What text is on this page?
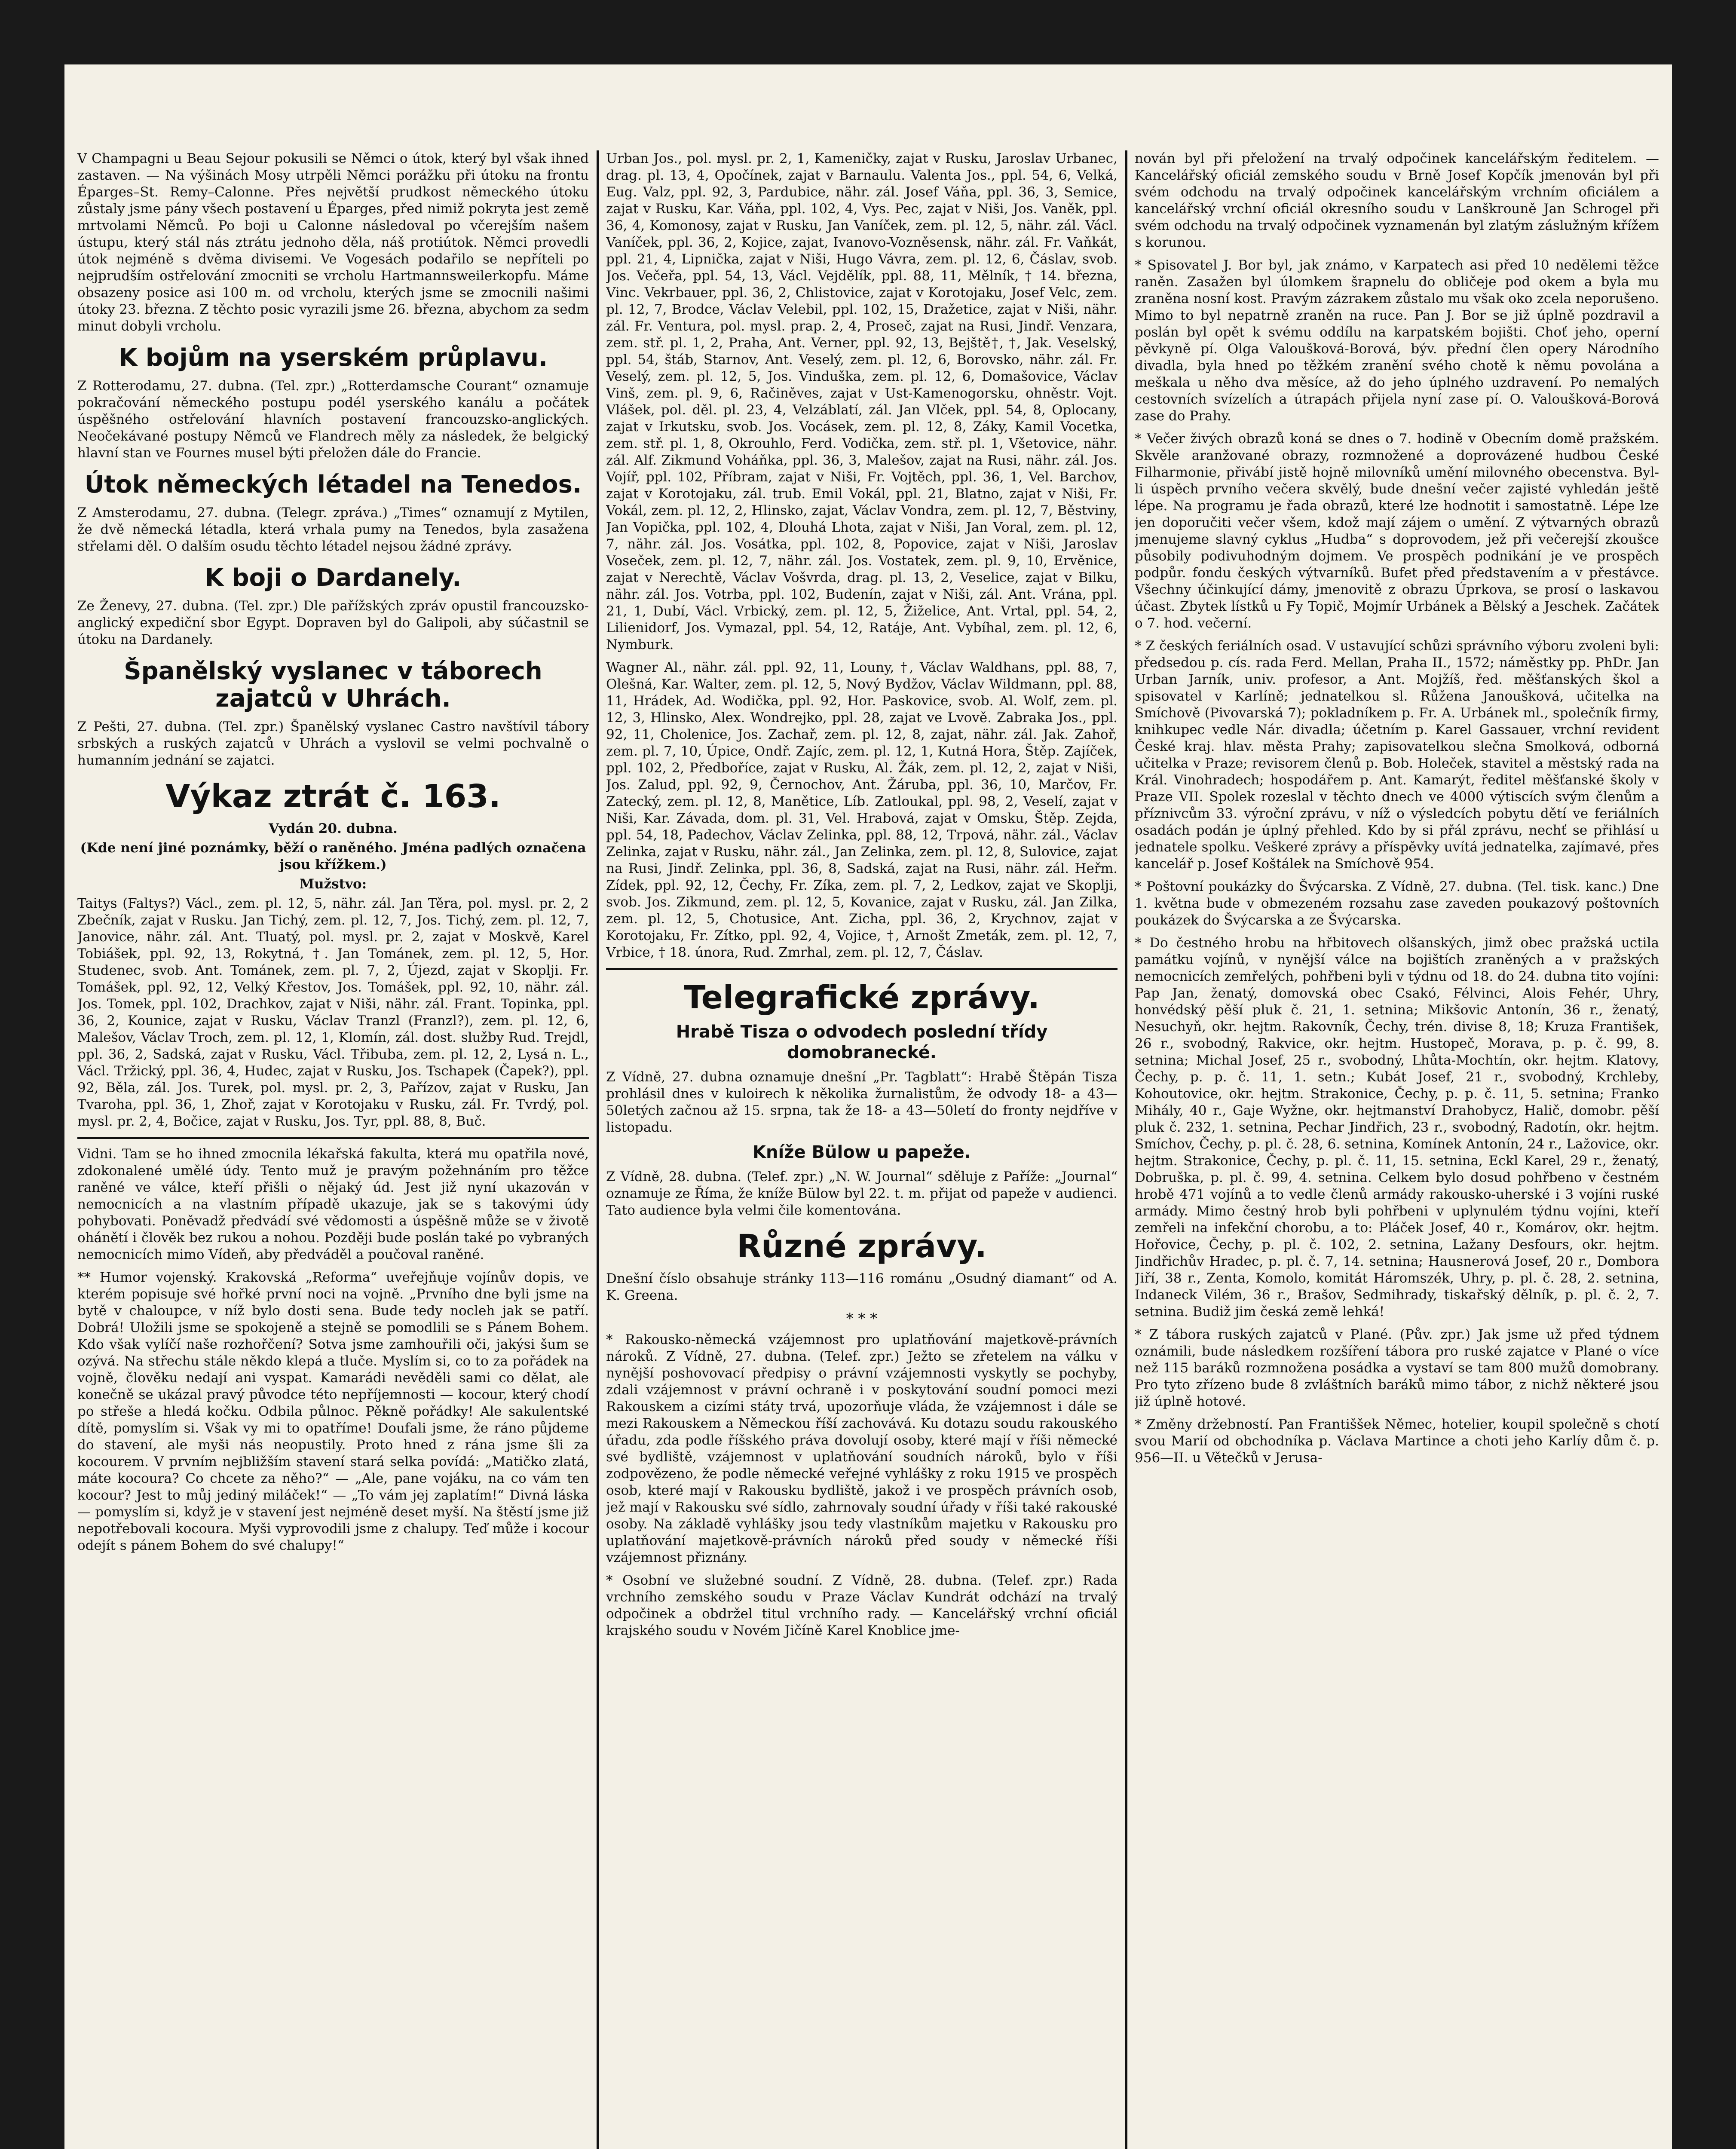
V Champagni u Beau Sejour pokusili se Němci o útok, který byl však ihned zastaven. — Na výšinách Mosy utrpěli Němci porážku při útoku na frontu Éparges–St. Remy–Calonne. Přes největší prudkost německého útoku zůstaly jsme pány všech postavení u Éparges, před nimiž pokryta jest země mrtvolami Němců. Po boji u Calonne následoval po včerejším našem ústupu, který stál nás ztrátu jednoho děla, náš protiútok. Němci provedli útok nejméně s dvěma divisemi. Ve Vogesách podařilo se nepříteli po nejprudším ostřelování zmocniti se vrcholu Hartmannsweilerkopfu. Máme obsazeny posice asi 100 m. od vrcholu, kterých jsme se zmocnili našimi útoky 23. března. Z těchto posic vyrazili jsme 26. března, abychom za sedm minut dobyli vrcholu.

K bojům na yserském průplavu.

Z Rotterodamu, 27. dubna. (Tel. zpr.) „Rotterdamsche Courant“ oznamuje pokračování německého postupu podél yserského kanálu a počátek úspěšného ostřelování hlavních postavení francouzsko-anglických. Neočekávané postupy Němců ve Flandrech měly za následek, že belgický hlavní stan ve Fournes musel býti přeložen dále do Francie.

Útok německých létadel na Tenedos.

Z Amsterodamu, 27. dubna. (Telegr. zpráva.) „Times“ oznamují z Mytilen, že dvě německá létadla, která vrhala pumy na Tenedos, byla zasažena střelami děl. O dalším osudu těchto létadel nejsou žádné zprávy.

K boji o Dardanely.

Ze Ženevy, 27. dubna. (Tel. zpr.) Dle pařížských zpráv opustil francouzsko-anglický expediční sbor Egypt. Dopraven byl do Galipoli, aby súčastnil se útoku na Dardanely.

Španělský vyslanec v táborech zajatců v Uhrách.

Z Pešti, 27. dubna. (Tel. zpr.) Španělský vyslanec Castro navštívil tábory srbských a ruských zajatců v Uhrách a vyslovil se velmi pochvalně o humanním jednání se zajatci.

Výkaz ztrát č. 163.
Vydán 20. dubna.
(Kde není jiné poznámky, běží o raněného. Jména padlých označena jsou křížkem.)
Mužstvo:

Taitys (Faltys?) Václ., zem. pl. 12, 5, nähr. zál. Jan Těra, pol. mysl. pr. 2, 2 Zbečník, zajat v Rusku. Jan Tichý, zem. pl. 12, 7, Jos. Tichý, zem. pl. 12, 7, Janovice, nähr. zál. Ant. Tluatý, pol. mysl. pr. 2, zajat v Moskvě, Karel Tobiášek, ppl. 92, 13, Rokytná, †. Jan Tománek, zem. pl. 12, 5, Hor. Studenec, svob. Ant. Tománek, zem. pl. 7, 2, Újezd, zajat v Skoplji. Fr. Tomášek, ppl. 92, 12, Velký Křestov, Jos. Tomášek, ppl. 92, 10, nähr. zál. Jos. Tomek, ppl. 102, Drachkov, zajat v Niši, nähr. zál. Frant. Topinka, ppl. 36, 2, Kounice, zajat v Rusku, Václav Tranzl (Franzl?), zem. pl. 12, 6, Malešov, Václav Troch, zem. pl. 12, 1, Klomín, zál. dost. služby Rud. Trejdl, ppl. 36, 2, Sadská, zajat v Rusku, Václ. Třibuba, zem. pl. 12, 2, Lysá n. L., Václ. Tržický, ppl. 36, 4, Hudec, zajat v Rusku, Jos. Tschapek (Čapek?), ppl. 92, Běla, zál. Jos. Turek, pol. mysl. pr. 2, 3, Pařízov, zajat v Rusku, Jan Tvaroha, ppl. 36, 1, Zhoř, zajat v Korotojaku v Rusku, zál. Fr. Tvrdý, pol. mysl. pr. 2, 4, Bočice, zajat v Rusku, Jos. Tyr, ppl. 88, 8, Buč.

Vidni. Tam se ho ihned zmocnila lékařská fakulta, která mu opatřila nové, zdokonalené umělé údy. Tento muž je pravým požehnáním pro těžce raněné ve válce, kteří přišli o nějaký úd. Jest již nyní ukazován v nemocnicích a na vlastním případě ukazuje, jak se s takovými údy pohybovati. Poněvadž předvádí své vědomosti a úspěšně může se v životě ohánětí i člověk bez rukou a nohou. Později bude poslán také po vybraných nemocnicích mimo Vídeň, aby předváděl a poučoval raněné.

** Humor vojenský. Krakovská „Reforma“ uveřejňuje vojínův dopis, ve kterém popisuje své hořké první noci na vojně. „Prvního dne byli jsme na bytě v chaloupce, v níž bylo dosti sena. Bude tedy nocleh jak se patří. Dobrá! Uložili jsme se spokojeně a stejně se pomodlili se s Pánem Bohem. Kdo však vylíčí naše rozhořčení? Sotva jsme zamhouřili oči, jakýsi šum se ozývá. Na střechu stále někdo klepá a tluče. Myslím si, co to za pořádek na vojně, člověku nedají ani vyspat. Kamarádi nevěděli sami co dělat, ale konečně se ukázal pravý původce této nepříjemnosti — kocour, který chodí po střeše a hledá kočku. Odbila půlnoc. Pěkně pořádky! Ale sakulentské dítě, pomyslím si. Však vy mi to opatříme! Doufali jsme, že ráno půjdeme do stavení, ale myši nás neopustily. Proto hned z rána jsme šli za kocourem. V prvním nejbližším stavení stará selka povídá: „Matičko zlatá, máte kocoura? Co chcete za něho?“ — „Ale, pane vojáku, na co vám ten kocour? Jest to můj jediný miláček!“ — „To vám jej zaplatím!“ Divná láska — pomyslím si, když je v stavení jest nejméně deset myší. Na štěstí jsme již nepotřebovali kocoura. Myši vyprovodili jsme z chalupy. Teď může i kocour odejít s pánem Bohem do své chalupy!“

Urban Jos., pol. mysl. pr. 2, 1, Kameničky, zajat v Rusku, Jaroslav Urbanec, drag. pl. 13, 4, Opočínek, zajat v Barnaulu. Valenta Jos., ppl. 54, 6, Velká, Eug. Valz, ppl. 92, 3, Pardubice, nähr. zál. Josef Váňa, ppl. 36, 3, Semice, zajat v Rusku, Kar. Váňa, ppl. 102, 4, Vys. Pec, zajat v Niši, Jos. Vaněk, ppl. 36, 4, Komonosy, zajat v Rusku, Jan Vaníček, zem. pl. 12, 5, nähr. zál. Václ. Vaníček, ppl. 36, 2, Kojice, zajat, Ivanovo-Vozněsensk, nähr. zál. Fr. Vaňkát, ppl. 21, 4, Lipnička, zajat v Niši, Hugo Vávra, zem. pl. 12, 6, Čáslav, svob. Jos. Večeřa, ppl. 54, 13, Václ. Vejdělík, ppl. 88, 11, Mělník, † 14. března, Vinc. Vekrbauer, ppl. 36, 2, Chlistovice, zajat v Korotojaku, Josef Velc, zem. pl. 12, 7, Brodce, Václav Velebil, ppl. 102, 15, Dražetice, zajat v Niši, nähr. zál. Fr. Ventura, pol. mysl. prap. 2, 4, Proseč, zajat na Rusi, Jindř. Venzara, zem. stř. pl. 1, 2, Praha, Ant. Verner, ppl. 92, 13, Bejště†, †, Jak. Veselský, ppl. 54, štáb, Starnov, Ant. Veselý, zem. pl. 12, 6, Borovsko, nähr. zál. Fr. Veselý, zem. pl. 12, 5, Jos. Vinduška, zem. pl. 12, 6, Domašovice, Václav Vinš, zem. pl. 9, 6, Račiněves, zajat v Ust-Kamenogorsku, ohněstr. Vojt. Vlášek, pol. děl. pl. 23, 4, Velzáblatí, zál. Jan Vlček, ppl. 54, 8, Oplocany, zajat v Irkutsku, svob. Jos. Vocásek, zem. pl. 12, 8, Záky, Kamil Vocetka, zem. stř. pl. 1, 8, Okrouhlo, Ferd. Vodička, zem. stř. pl. 1, Všetovice, nähr. zál. Alf. Zikmund Voháňka, ppl. 36, 3, Malešov, zajat na Rusi, nähr. zál. Jos. Vojíř, ppl. 102, Příbram, zajat v Niši, Fr. Vojtěch, ppl. 36, 1, Vel. Barchov, zajat v Korotojaku, zál. trub. Emil Vokál, ppl. 21, Blatno, zajat v Niši, Fr. Vokál, zem. pl. 12, 2, Hlinsko, zajat, Václav Vondra, zem. pl. 12, 7, Běstviny, Jan Vopička, ppl. 102, 4, Dlouhá Lhota, zajat v Niši, Jan Voral, zem. pl. 12, 7, nähr. zál. Jos. Vosátka, ppl. 102, 8, Popovice, zajat v Niši, Jaroslav Voseček, zem. pl. 12, 7, nähr. zál. Jos. Vostatek, zem. pl. 9, 10, Ervěnice, zajat v Nerechtě, Václav Vošvrda, drag. pl. 13, 2, Veselice, zajat v Bilku, nähr. zál. Jos. Votrba, ppl. 102, Budenín, zajat v Niši, zál. Ant. Vrána, ppl. 21, 1, Dubí, Václ. Vrbický, zem. pl. 12, 5, Žiželice, Ant. Vrtal, ppl. 54, 2, Lilienidorf, Jos. Vymazal, ppl. 54, 12, Ratáje, Ant. Vybíhal, zem. pl. 12, 6, Nymburk.

Wagner Al., nähr. zál. ppl. 92, 11, Louny, †, Václav Waldhans, ppl. 88, 7, Olešná, Kar. Walter, zem. pl. 12, 5, Nový Bydžov, Václav Wildmann, ppl. 88, 11, Hrádek, Ad. Wodička, ppl. 92, Hor. Paskovice, svob. Al. Wolf, zem. pl. 12, 3, Hlinsko, Alex. Wondrejko, ppl. 28, zajat ve Lvově. Zabraka Jos., ppl. 92, 11, Cholenice, Jos. Zachař, zem. pl. 12, 8, zajat, nähr. zál. Jak. Zahoř, zem. pl. 7, 10, Úpice, Ondř. Zajíc, zem. pl. 12, 1, Kutná Hora, Štěp. Zajíček, ppl. 102, 2, Předboříce, zajat v Rusku, Al. Žák, zem. pl. 12, 2, zajat v Niši, Jos. Zalud, ppl. 92, 9, Černochov, Ant. Žáruba, ppl. 36, 10, Marčov, Fr. Zatecký, zem. pl. 12, 8, Manětice, Líb. Zatloukal, ppl. 98, 2, Veselí, zajat v Niši, Kar. Závada, dom. pl. 31, Vel. Hrabová, zajat v Omsku, Štěp. Zejda, ppl. 54, 18, Padechov, Václav Zelinka, ppl. 88, 12, Trpová, nähr. zál., Václav Zelinka, zajat v Rusku, nähr. zál., Jan Zelinka, zem. pl. 12, 8, Sulovice, zajat na Rusi, Jindř. Zelinka, ppl. 36, 8, Sadská, zajat na Rusi, nähr. zál. Heřm. Zídek, ppl. 92, 12, Čechy, Fr. Zíka, zem. pl. 7, 2, Ledkov, zajat ve Skoplji, svob. Jos. Zikmund, zem. pl. 12, 5, Kovanice, zajat v Rusku, zál. Jan Zilka, zem. pl. 12, 5, Chotusice, Ant. Zicha, ppl. 36, 2, Krychnov, zajat v Korotojaku, Fr. Zítko, ppl. 92, 4, Vojice, †, Arnošt Zmeták, zem. pl. 12, 7, Vrbice, † 18. února, Rud. Zmrhal, zem. pl. 12, 7, Čáslav.

Telegrafické zprávy.
Hrabě Tisza o odvodech poslední třídy domobranecké.

Z Vídně, 27. dubna oznamuje dnešní „Pr. Tagblatt“: Hrabě Štěpán Tisza prohlásil dnes v kuloirech k několika žurnalistům, že odvody 18- a 43—50letých začnou až 15. srpna, tak že 18- a 43—50letí do fronty nejdříve v listopadu.

Kníže Bülow u papeže.

Z Vídně, 28. dubna. (Telef. zpr.) „N. W. Journal“ sděluje z Paříže: „Journal“ oznamuje ze Říma, že kníže Bülow byl 22. t. m. přijat od papeže v audienci. Tato audience byla velmi čile komentována.

Různé zprávy.

Dnešní číslo obsahuje stránky 113—116 románu „Osudný diamant“ od A. K. Greena.

* * *

* Rakousko-německá vzájemnost pro uplatňování majetkově-právních nároků. Z Vídně, 27. dubna. (Telef. zpr.) Ježto se zřetelem na válku v nynější poshovovací předpisy o právní vzájemnosti vyskytly se pochyby, zdali vzájemnost v právní ochraně i v poskytování soudní pomoci mezi Rakouskem a cizími státy trvá, upozorňuje vláda, že vzájemnost i dále se mezi Rakouskem a Německou říší zachovává. Ku dotazu soudu rakouského úřadu, zda podle říšského práva dovolují osoby, které mají v říši německé své bydliště, vzájemnost v uplatňování soudních nároků, bylo v říši zodpovězeno, že podle německé veřejné vyhlášky z roku 1915 ve prospěch osob, které mají v Rakousku bydliště, jakož i ve prospěch právních osob, jež mají v Rakousku své sídlo, zahrnovaly soudní úřady v říši také rakouské osoby. Na základě vyhlášky jsou tedy vlastníkům majetku v Rakousku pro uplatňování majetkově-právních nároků před soudy v německé říši vzájemnost přiznány.

* Osobní ve služebné soudní. Z Vídně, 28. dubna. (Telef. zpr.) Rada vrchního zemského soudu v Praze Václav Kundrát odchází na trvalý odpočinek a obdržel titul vrchního rady. — Kancelářský vrchní oficiál krajského soudu v Novém Jičíně Karel Knoblice jme-

nován byl při přeložení na trvalý odpočinek kancelářským ředitelem. — Kancelářský oficiál zemského soudu v Brně Josef Kopčík jmenován byl při svém odchodu na trvalý odpočinek kancelářským vrchním oficiálem a kancelářský vrchní oficiál okresního soudu v Lanškrouně Jan Schrogel při svém odchodu na trvalý odpočinek vyznamenán byl zlatým záslužným křížem s korunou.

* Spisovatel J. Bor byl, jak známo, v Karpatech asi před 10 nedělemi těžce raněn. Zasažen byl úlomkem šrapnelu do obličeje pod okem a byla mu zraněna nosní kost. Pravým zázrakem zůstalo mu však oko zcela neporušeno. Mimo to byl nepatrně zraněn na ruce. Pan J. Bor se již úplně pozdravil a poslán byl opět k svému oddílu na karpatském bojišti. Choť jeho, operní pěvkyně pí. Olga Valoušková-Borová, býv. přední člen opery Národního divadla, byla hned po těžkém zranění svého chotě k němu povolána a meškala u něho dva měsíce, až do jeho úplného uzdravení. Po nemalých cestovních svízelích a útrapách přijela nyní zase pí. O. Valoušková-Borová zase do Prahy.

* Večer živých obrazů koná se dnes o 7. hodině v Obecním domě pražském. Skvěle aranžované obrazy, rozmnožené a doprovázené hudbou České Filharmonie, přivábí jistě hojně milovníků umění milovného obecenstva. Byl-li úspěch prvního večera skvělý, bude dnešní večer zajisté vyhledán ještě lépe. Na programu je řada obrazů, které lze hodnotit i samostatně. Lépe lze jen doporučiti večer všem, kdož mají zájem o umění. Z výtvarných obrazů jmenujeme slavný cyklus „Hudba“ s doprovodem, jež při večerejší zkoušce působily podivuhodným dojmem. Ve prospěch podnikání je ve prospěch podpůr. fondu českých výtvarníků. Bufet před představením a v přestávce. Všechny účinkující dámy, jmenovitě z obrazu Úprkova, se prosí o laskavou účast. Zbytek lístků u Fy Topič, Mojmír Urbánek a Bělský a Jeschek. Začátek o 7. hod. večerní.

* Z českých feriálních osad. V ustavující schůzi správního výboru zvoleni byli: předsedou p. cís. rada Ferd. Mellan, Praha II., 1572; náměstky pp. PhDr. Jan Urban Jarník, univ. profesor, a Ant. Mojžíš, řed. měšťanských škol a spisovatel v Karlíně; jednatelkou sl. Růžena Janoušková, učitelka na Smíchově (Pivovarská 7); pokladníkem p. Fr. A. Urbánek ml., společník firmy, knihkupec vedle Nár. divadla; účetním p. Karel Gassauer, vrchní revident České kraj. hlav. města Prahy; zapisovatelkou slečna Smolková, odborná učitelka v Praze; revisorem členů p. Bob. Holeček, stavitel a městský rada na Král. Vinohradech; hospodářem p. Ant. Kamarýt, ředitel měšťanské školy v Praze VII. Spolek rozeslal v těchto dnech ve 4000 výtiscích svým členům a příznivcům 33. výroční zprávu, v níž o výsledcích pobytu dětí ve feriálních osadách podán je úplný přehled. Kdo by si přál zprávu, nechť se přihlásí u jednatele spolku. Veškeré zprávy a příspěvky uvítá jednatelka, zajímavé, přes kancelář p. Josef Koštálek na Smíchově 954.

* Poštovní poukázky do Švýcarska. Z Vídně, 27. dubna. (Tel. tisk. kanc.) Dne 1. května bude v obmezeném rozsahu zase zaveden poukazový poštovních poukázek do Švýcarska a ze Švýcarska.

* Do čestného hrobu na hřbitovech olšanských, jimž obec pražská uctila památku vojínů, v nynější válce na bojištích zraněných a v pražských nemocnicích zemřelých, pohřbeni byli v týdnu od 18. do 24. dubna tito vojíni: Pap Jan, ženatý, domovská obec Csakó, Félvinci, Alois Fehér, Uhry, honvédský pěší pluk č. 21, 1. setnina; Mikšovic Antonín, 36 r., ženatý, Nesuchyň, okr. hejtm. Rakovník, Čechy, trén. divise 8, 18; Kruza František, 26 r., svobodný, Rakvice, okr. hejtm. Hustopeč, Morava, p. p. č. 99, 8. setnina; Michal Josef, 25 r., svobodný, Lhůta-Mochtín, okr. hejtm. Klatovy, Čechy, p. p. č. 11, 1. setn.; Kubát Josef, 21 r., svobodný, Krchleby, Kohoutovice, okr. hejtm. Strakonice, Čechy, p. p. č. 11, 5. setnina; Franko Mihály, 40 r., Gaje Wyžne, okr. hejtmanství Drahobycz, Halič, domobr. pěší pluk č. 232, 1. setnina, Pechar Jindřich, 23 r., svobodný, Radotín, okr. hejtm. Smíchov, Čechy, p. pl. č. 28, 6. setnina, Komínek Antonín, 24 r., Lažovice, okr. hejtm. Strakonice, Čechy, p. pl. č. 11, 15. setnina, Eckl Karel, 29 r., ženatý, Dobruška, p. pl. č. 99, 4. setnina. Celkem bylo dosud pohřbeno v čestném hrobě 471 vojínů a to vedle členů armády rakousko-uherské i 3 vojíni ruské armády. Mimo čestný hrob byli pohřbeni v uplynulém týdnu vojíni, kteří zemřeli na infekční chorobu, a to: Pláček Josef, 40 r., Komárov, okr. hejtm. Hořovice, Čechy, p. pl. č. 102, 2. setnina, Lažany Desfours, okr. hejtm. Jindřichův Hradec, p. pl. č. 7, 14. setnina; Hausnerová Josef, 20 r., Dombora Jiří, 38 r., Zenta, Komolo, komitát Háromszék, Uhry, p. pl. č. 28, 2. setnina, Indaneck Vilém, 36 r., Brašov, Sedmihrady, tiskařský dělník, p. pl. č. 2, 7. setnina. Budiž jim česká země lehká!

* Z tábora ruských zajatců v Plané. (Pův. zpr.) Jak jsme už před týdnem oznámili, bude následkem rozšíření tábora pro ruské zajatce v Plané o více než 115 baráků rozmnožena posádka a vystaví se tam 800 mužů domobrany. Pro tyto zřízeno bude 8 zvláštních baráků mimo tábor, z nichž některé jsou již úplně hotové.

* Změny držebností. Pan Františšek Němec, hotelier, koupil společně s chotí svou Marií od obchodníka p. Václava Martince a choti jeho Karlíy dům č. p. 956—II. u Větečků v Jerusa-
